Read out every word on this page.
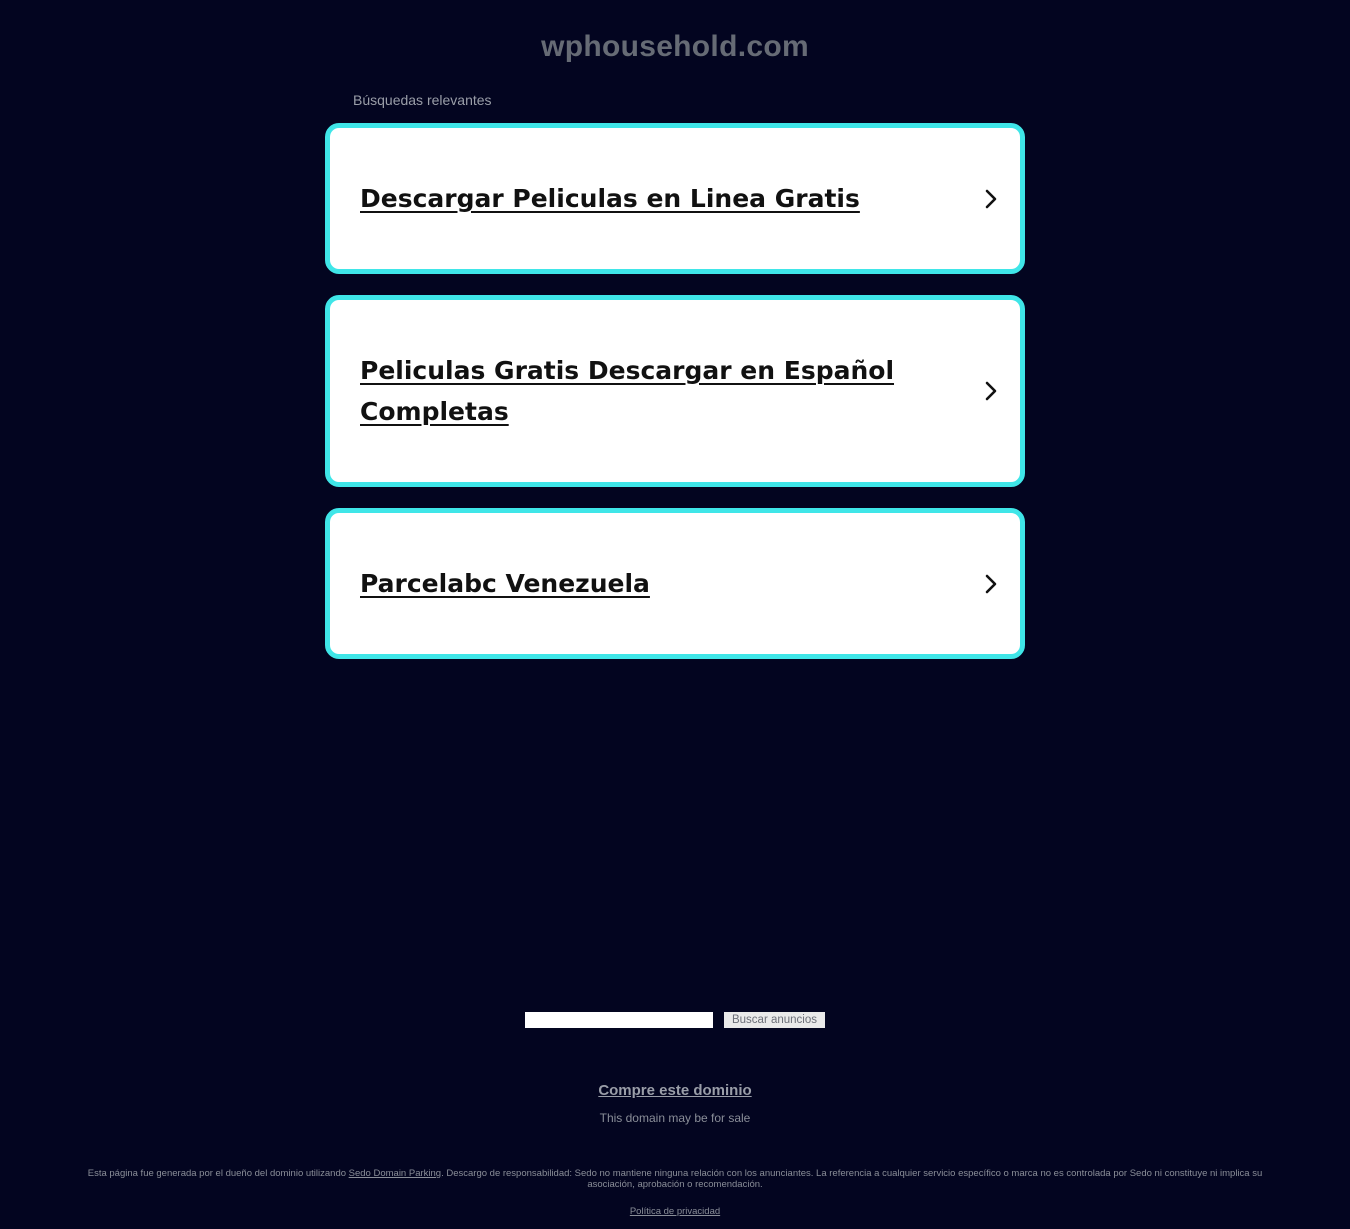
wphousehold.com
Búsquedas relevantes
Descargar Peliculas en Linea Gratis
Peliculas Gratis Descargar en Español Completas
Parcelabc Venezuela
Buscar anuncios
Compre este dominio
This domain may be for sale
Esta página fue generada por el dueño del dominio utilizando Sedo Domain Parking. Descargo de responsabilidad: Sedo no mantiene ninguna relación con los anunciantes. La referencia a cualquier servicio específico o marca no es controlada por Sedo ni constituye ni implica su asociación, aprobación o recomendación.
Política de privacidad
